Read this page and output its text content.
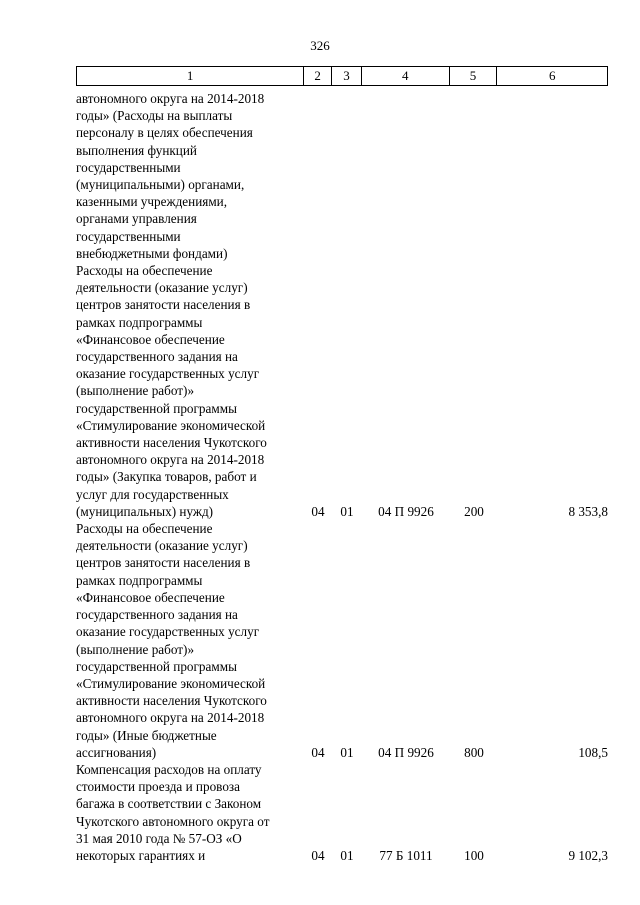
326
1	2	3	4	5	6
автономного округа на 2014-2018
годы» (Расходы на выплаты
персоналу в целях обеспечения
выполнения функций
государственными
(муниципальными) органами,
казенными учреждениями,
органами управления
государственными
внебюджетными фондами)
Расходы на обеспечение
деятельности (оказание услуг)
центров занятости населения в
рамках подпрограммы
«Финансовое обеспечение
государственного задания на
оказание государственных услуг
(выполнение работ)»
государственной программы
«Стимулирование экономической
активности населения Чукотского
автономного округа на 2014-2018
годы» (Закупка товаров, работ и
услуг для государственных
(муниципальных) нужд)	04	01	04 П 9926	200	8 353,8
Расходы на обеспечение
деятельности (оказание услуг)
центров занятости населения в
рамках подпрограммы
«Финансовое обеспечение
государственного задания на
оказание государственных услуг
(выполнение работ)»
государственной программы
«Стимулирование экономической
активности населения Чукотского
автономного округа на 2014-2018
годы» (Иные бюджетные
ассигнования)	04	01	04 П 9926	800	108,5
Компенсация расходов на оплату
стоимости проезда и провоза
багажа в соответствии с Законом
Чукотского автономного округа от
31 мая 2010 года № 57-ОЗ «О
некоторых гарантиях и	04	01	77 Б 1011	100	9 102,3
